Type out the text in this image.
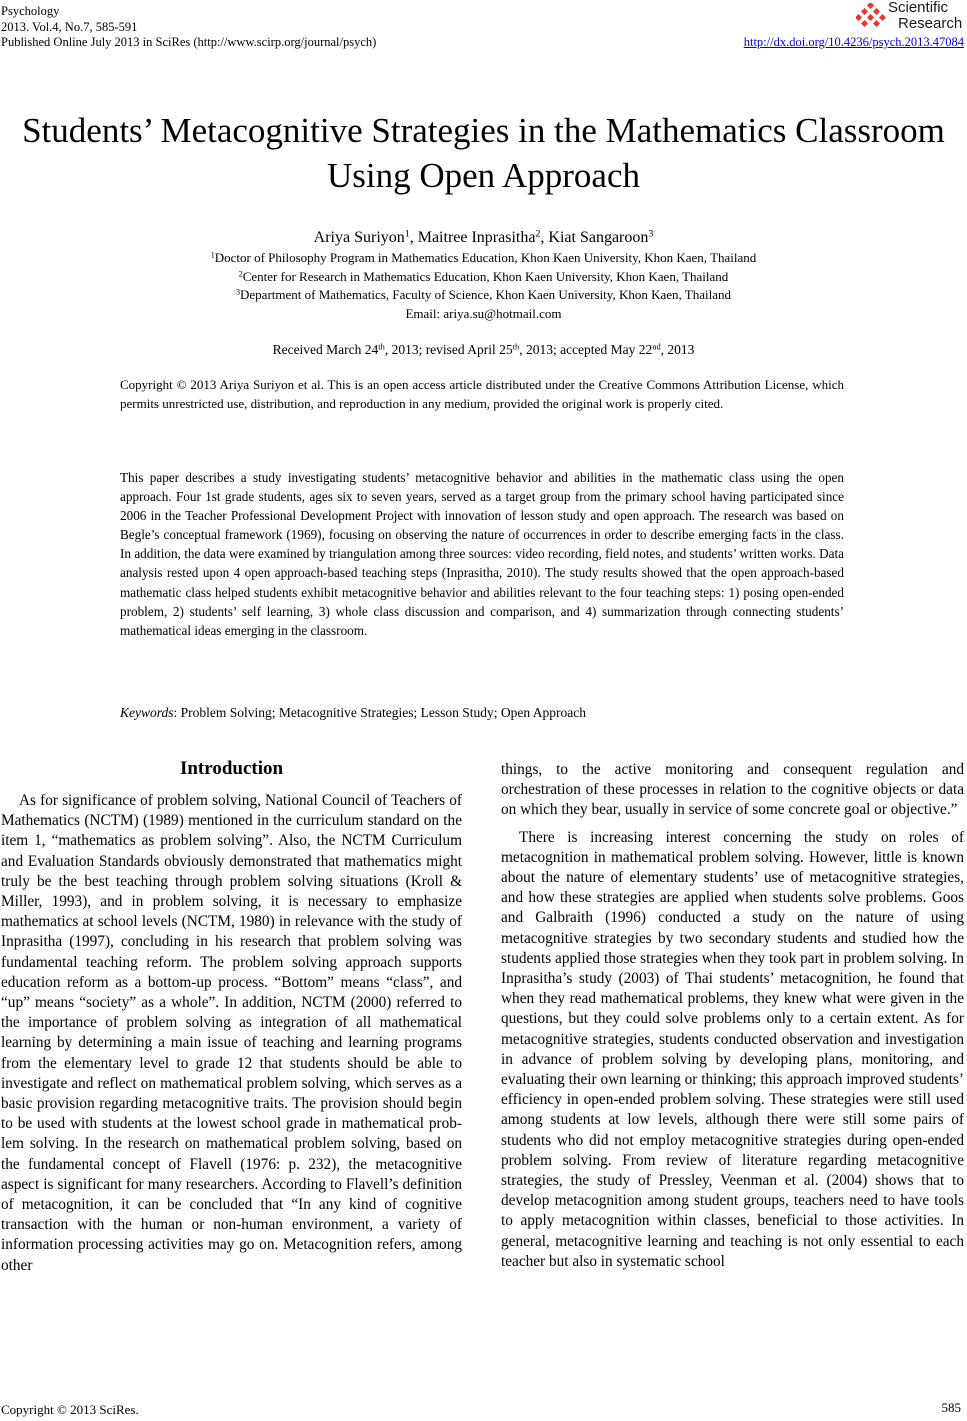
Psychology
2013. Vol.4, No.7, 585-591
Published Online July 2013 in SciRes (http://www.scirp.org/journal/psych)
Scientific
Research
http://dx.doi.org/10.4236/psych.2013.47084
Students’ Metacognitive Strategies in the Mathematics Classroom
Using Open Approach
Ariya Suriyon$^1$, Maitree Inprasitha$^2$, Kiat Sangaroon$^3$
$^1$Doctor of Philosophy Program in Mathematics Education, Khon Kaen University, Khon Kaen, Thailand
$^2$Center for Research in Mathematics Education, Khon Kaen University, Khon Kaen, Thailand
$^3$Department of Mathematics, Faculty of Science, Khon Kaen University, Khon Kaen, Thailand
Email: ariya.su@hotmail.com
Received March 24th, 2013; revised April 25th, 2013; accepted May 22nd, 2013
Copyright © 2013 Ariya Suriyon et al. This is an open access article distributed under the Creative Commons Attribution License, which permits unrestricted use, distribution, and reproduction in any medium, provided the original work is properly cited.
This paper describes a study investigating students’ metacognitive behavior and abilities in the mathematic class using the open approach. Four 1st grade students, ages six to seven years, served as a target group from the primary school having participated since 2006 in the Teacher Professional Development Project with innovation of lesson study and open approach. The research was based on Begle’s conceptual framework (1969), focusing on observing the nature of occurrences in order to describe emerging facts in the class. In addition, the data were examined by triangulation among three sources: video recording, field notes, and students’ written works. Data analysis rested upon 4 open approach-based teaching steps (Inprasitha, 2010). The study results showed that the open approach-based mathematic class helped students exhibit metacognitive behavior and abilities relevant to the four teaching steps: 1) posing open-ended problem, 2) students’ self learning, 3) whole class discussion and comparison, and 4) summarization through connecting students’ mathematical ideas emerging in the classroom.
Keywords: Problem Solving; Metacognitive Strategies; Lesson Study; Open Approach
Introduction

As for significance of problem solving, National Council of Teachers of Mathematics (NCTM) (1989) mentioned in the curriculum standard on the item 1, “mathematics as problem solving”. Also, the NCTM Curriculum and Evaluation Standards obviously demonstrated that mathematics might truly be the best teaching through problem solving situations (Kroll & Miller, 1993), and in problem solving, it is necessary to emphasize mathematics at school levels (NCTM, 1980) in relevance with the study of Inprasitha (1997), concluding in his research that problem solving was fundamental teaching reform. The problem solving approach supports education reform as a bottom-up process. “Bottom” means “class”, and “up” means “society” as a whole”. In addition, NCTM (2000) referred to the importance of problem solving as integration of all mathematical learning by determining a main issue of teaching and learning programs from the elementary level to grade 12 that students should be able to investigate and reflect on mathematical problem solving, which serves as a basic provision regarding metacognitive traits. The provision should begin to be used with students at the lowest school grade in mathematical problem solving. In the research on mathematical problem solving, based on the fundamental concept of Flavell (1976: p. 232), the metacognitive aspect is significant for many researchers. According to Flavell’s definition of metacognition, it can be concluded that “In any kind of cognitive transaction with the human or non-human environment, a variety of information processing activities may go on. Metacognition refers, among other

things, to the active monitoring and consequent regulation and orchestration of these processes in relation to the cognitive objects or data on which they bear, usually in service of some concrete goal or objective.”

There is increasing interest concerning the study on roles of metacognition in mathematical problem solving. However, little is known about the nature of elementary students’ use of metacognitive strategies, and how these strategies are applied when students solve problems. Goos and Galbraith (1996) conducted a study on the nature of using metacognitive strategies by two secondary students and studied how the students applied those strategies when they took part in problem solving. In Inprasitha’s study (2003) of Thai students’ metacognition, he found that when they read mathematical problems, they knew what were given in the questions, but they could solve problems only to a certain extent. As for metacognitive strategies, students conducted observation and investigation in advance of problem solving by developing plans, monitoring, and evaluating their own learning or thinking; this approach improved students’ efficiency in open-ended problem solving. These strategies were still used among students at low levels, although there were still some pairs of students who did not employ metacognitive strategies during open-ended problem solving. From review of literature regarding metacognitive strategies, the study of Pressley, Veenman et al. (2004) shows that to develop metacognition among student groups, teachers need to have tools to apply metacognition within classes, beneficial to those activities. In general, metacognitive learning and teaching is not only essential to each teacher but also in systematic school

Copyright © 2013 SciRes.	585
